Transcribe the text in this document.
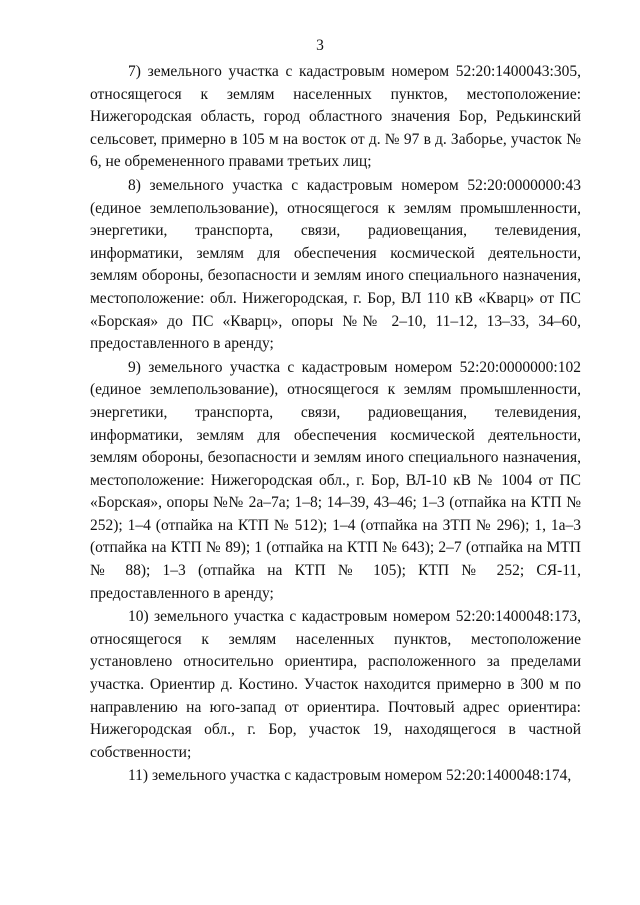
3

7) земельного участка с кадастровым номером 52:20:1400043:305, относящегося к землям населенных пунктов, местоположение: Нижегородская область, город областного значения Бор, Редькинский сельсовет, примерно в 105 м на восток от д. № 97 в д. Заборье, участок № 6, не обремененного правами третьих лиц;

8) земельного участка с кадастровым номером 52:20:0000000:43 (единое землепользование), относящегося к землям промышленности, энергетики, транспорта, связи, радиовещания, телевидения, информатики, землям для обеспечения космической деятельности, землям обороны, безопасности и землям иного специального назначения, местоположение: обл. Нижегородская, г. Бор, ВЛ 110 кВ «Кварц» от ПС «Борская» до ПС «Кварц», опоры №№ 2–10, 11–12, 13–33, 34–60, предоставленного в аренду;

9) земельного участка с кадастровым номером 52:20:0000000:102 (единое землепользование), относящегося к землям промышленности, энергетики, транспорта, связи, радиовещания, телевидения, информатики, землям для обеспечения космической деятельности, землям обороны, безопасности и землям иного специального назначения, местоположение: Нижегородская обл., г. Бор, ВЛ-10 кВ № 1004 от ПС «Борская», опоры №№ 2а–7а; 1–8; 14–39, 43–46; 1–3 (отпайка на КТП № 252); 1–4 (отпайка на КТП № 512); 1–4 (отпайка на ЗТП № 296); 1, 1а–3 (отпайка на КТП № 89); 1 (отпайка на КТП № 643); 2–7 (отпайка на МТП № 88); 1–3 (отпайка на КТП № 105); КТП № 252; СЯ-11, предоставленного в аренду;

10) земельного участка с кадастровым номером 52:20:1400048:173, относящегося к землям населенных пунктов, местоположение установлено относительно ориентира, расположенного за пределами участка. Ориентир д. Костино. Участок находится примерно в 300 м по направлению на юго-запад от ориентира. Почтовый адрес ориентира: Нижегородская обл., г. Бор, участок 19, находящегося в частной собственности;

11) земельного участка с кадастровым номером 52:20:1400048:174,
